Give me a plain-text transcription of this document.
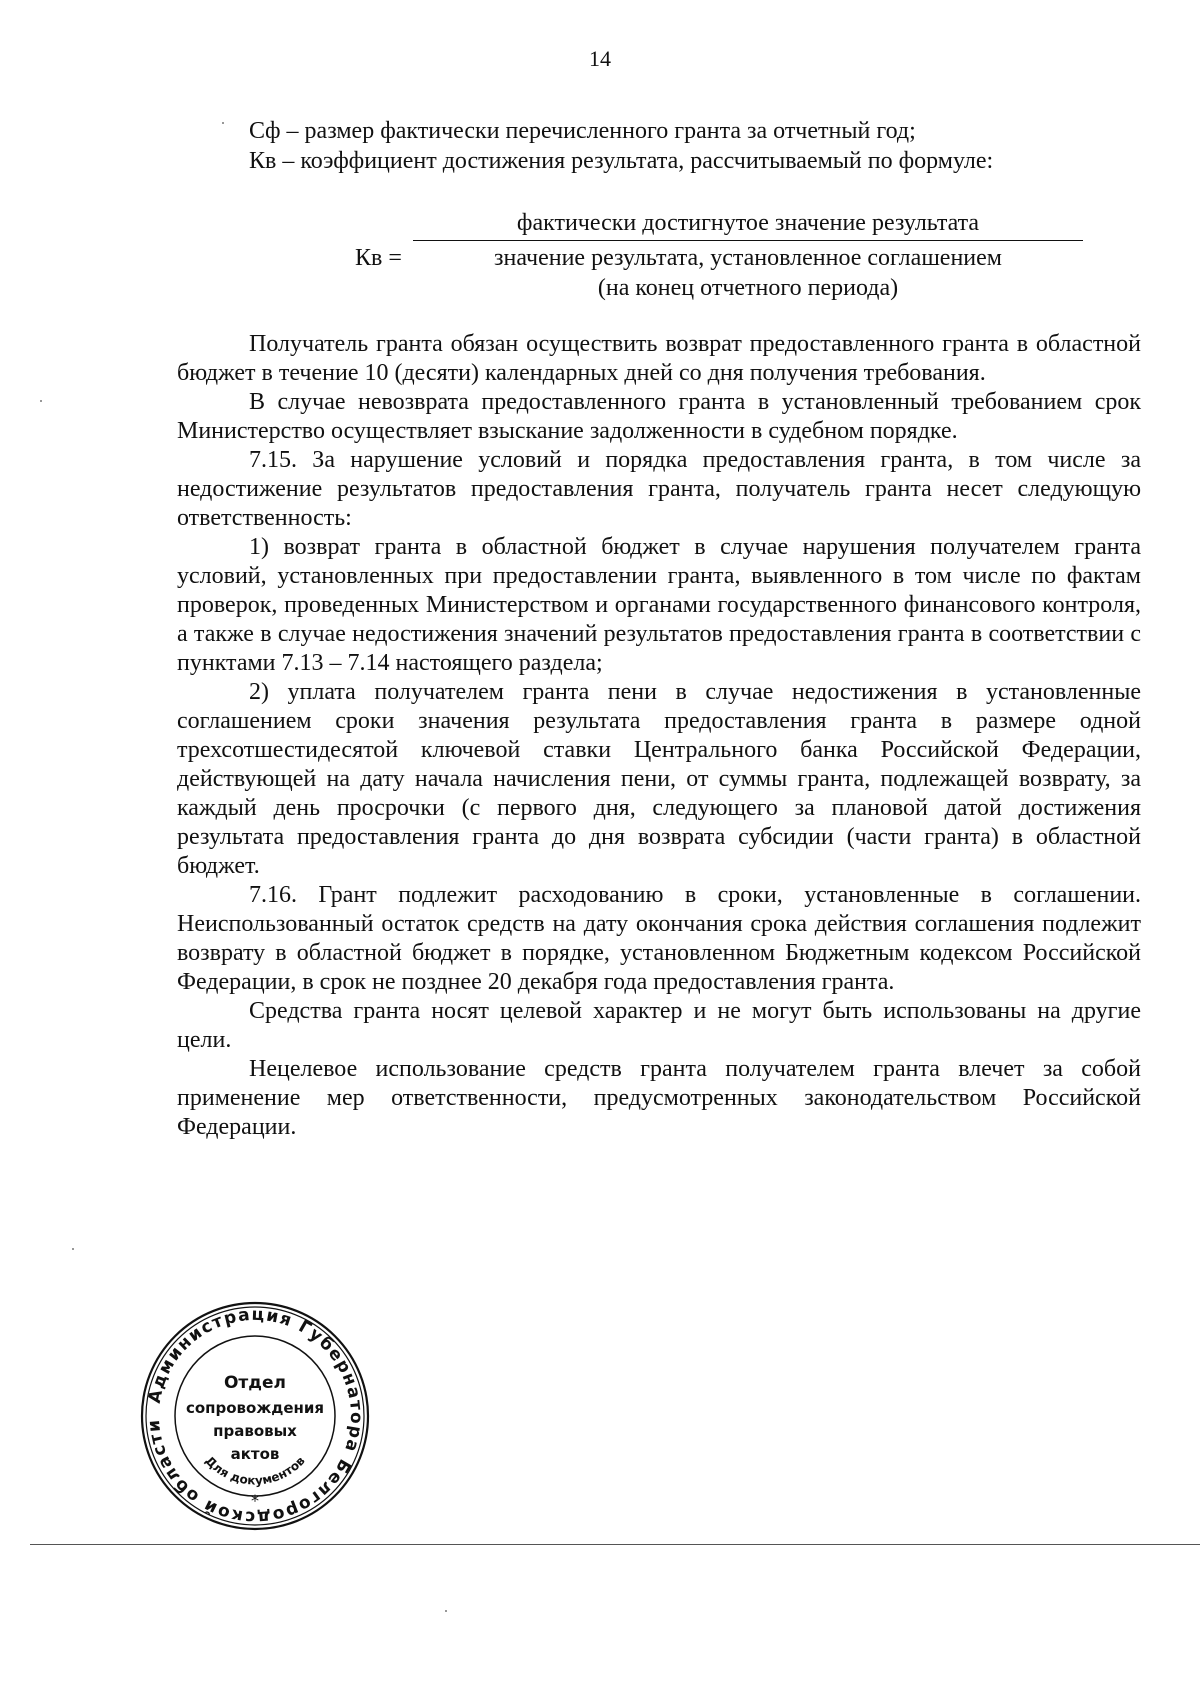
14

Сф – размер фактически перечисленного гранта за отчетный год;

Кв – коэффициент достижения результата, рассчитываемый по формуле:

Кв =
фактически достигнутое значение результата
значение результата, установленное соглашением
(на конец отчетного периода)

Получатель гранта обязан осуществить возврат предоставленного гранта в областной бюджет в течение 10 (десяти) календарных дней со дня получения требования.

В случае невозврата предоставленного гранта в установленный требованием срок Министерство осуществляет взыскание задолженности в судебном порядке.

7.15. За нарушение условий и порядка предоставления гранта, в том числе за недостижение результатов предоставления гранта, получатель гранта несет следующую ответственность:

1) возврат гранта в областной бюджет в случае нарушения получателем гранта условий, установленных при предоставлении гранта, выявленного в том числе по фактам проверок, проведенных Министерством и органами государственного финансового контроля, а также в случае недостижения значений результатов предоставления гранта в соответствии с пунктами 7.13 – 7.14 настоящего раздела;

2) уплата получателем гранта пени в случае недостижения в установленные соглашением сроки значения результата предоставления гранта в размере одной трехсотшестидесятой ключевой ставки Центрального банка Российской Федерации, действующей на дату начала начисления пени, от суммы гранта, подлежащей возврату, за каждый день просрочки (с первого дня, следующего за плановой датой достижения результата предоставления гранта до дня возврата субсидии (части гранта) в областной бюджет.

7.16. Грант подлежит расходованию в сроки, установленные в соглашении. Неиспользованный остаток средств на дату окончания срока действия соглашения подлежит возврату в областной бюджет в порядке, установленном Бюджетным кодексом Российской Федерации, в срок не позднее 20 декабря года предоставления гранта.

Средства гранта носят целевой характер и не могут быть использованы на другие цели.

Нецелевое использование средств гранта получателем гранта влечет за собой применение мер ответственности, предусмотренных законодательством Российской Федерации.

Администрация Губернатора Белгородской области
Отдел
сопровождения
правовых
актов
Для документов
*
